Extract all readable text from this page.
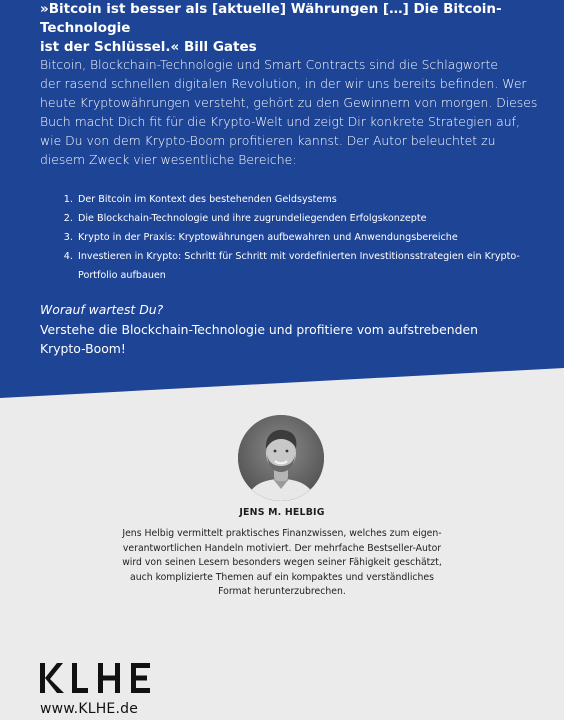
»Bitcoin ist besser als [aktuelle] Währungen […] Die Bitcoin- Technologie
ist der Schlüssel.« Bill Gates

Bitcoin, Blockchain-Technologie und Smart Contracts sind die Schlagworte
der rasend schnellen digitalen Revolution, in der wir uns bereits befinden. Wer
heute Kryptowährungen versteht, gehört zu den Gewinnern von morgen. Dieses
Buch macht Dich fit für die Krypto-Welt und zeigt Dir konkrete Strategien auf,
wie Du von dem Krypto-Boom profitieren kannst. Der Autor beleuchtet zu
diesem Zweck vier wesentliche Bereiche:

1. Der Bitcoin im Kontext des bestehenden Geldsystems
2. Die Blockchain-Technologie und ihre zugrundeliegenden Erfolgskonzepte
3. Krypto in der Praxis: Kryptowährungen aufbewahren und Anwendungsbereiche
4. Investieren in Krypto: Schritt für Schritt mit vordefinierten Investitionsstrategien ein Krypto-Portfolio aufbauen

Worauf wartest Du?

Verstehe die Blockchain-Technologie und profitiere vom aufstrebenden
Krypto-Boom!

JENS M. HELBIG

Jens Helbig vermittelt praktisches Finanzwissen, welches zum eigen-
verantwortlichen Handeln motiviert. Der mehrfache Bestseller-Autor
wird von seinen Lesern besonders wegen seiner Fähigkeit geschätzt,
auch komplizierte Themen auf ein kompaktes und verständliches
Format herunterzubrechen.

www.KLHE.de
